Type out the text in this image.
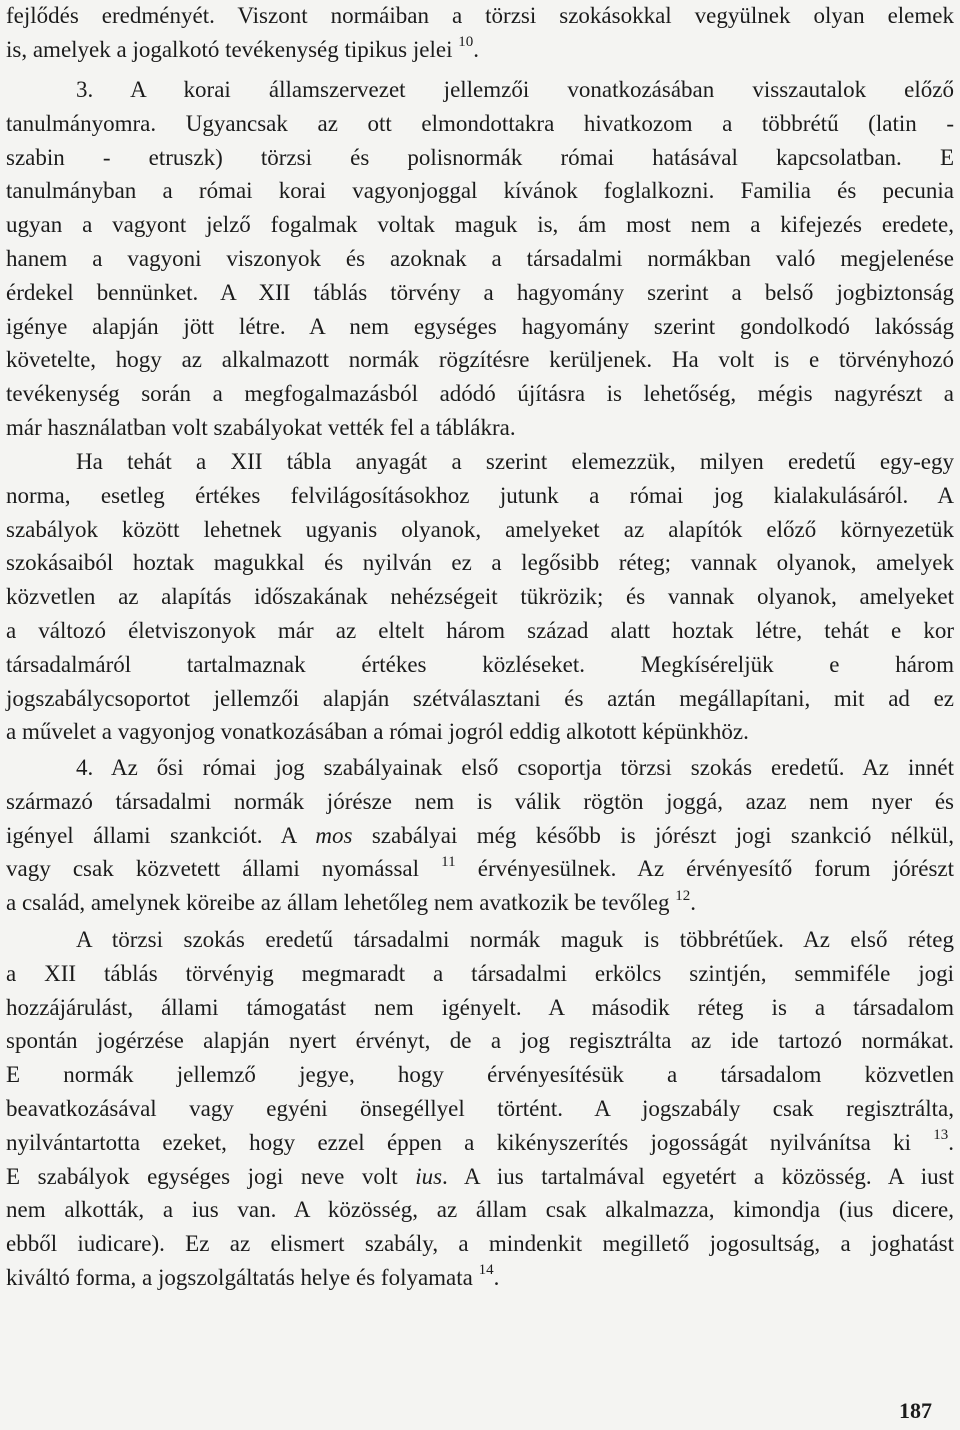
fejlődés eredményét. Viszont normáiban a törzsi szokásokkal vegyülnek olyan elemek
is, amelyek a jogalkotó tevékenység tipikus jelei $^{10}$.
3. A korai államszervezet jellemzői vonatkozásában visszautalok előző
tanulmányomra. Ugyancsak az ott elmondottakra hivatkozom a többrétű (latin -
szabin - etruszk) törzsi és polisnormák római hatásával kapcsolatban. E
tanulmányban a római korai vagyonjoggal kívánok foglalkozni. Familia és pecunia
ugyan a vagyont jelző fogalmak voltak maguk is, ám most nem a kifejezés eredete,
hanem a vagyoni viszonyok és azoknak a társadalmi normákban való megjelenése
érdekel bennünket. A XII táblás törvény a hagyomány szerint a belső jogbiztonság
igénye alapján jött létre. A nem egységes hagyomány szerint gondolkodó lakósság
követelte, hogy az alkalmazott normák rögzítésre kerüljenek. Ha volt is e törvényhozó
tevékenység során a megfogalmazásból adódó újításra is lehetőség, mégis nagyrészt a
már használatban volt szabályokat vették fel a táblákra.
Ha tehát a XII tábla anyagát a szerint elemezzük, milyen eredetű egy-egy
norma, esetleg értékes felvilágosításokhoz jutunk a római jog kialakulásáról. A
szabályok között lehetnek ugyanis olyanok, amelyeket az alapítók előző környezetük
szokásaiból hoztak magukkal és nyilván ez a legősibb réteg; vannak olyanok, amelyek
közvetlen az alapítás időszakának nehézségeit tükrözik; és vannak olyanok, amelyeket
a változó életviszonyok már az eltelt három század alatt hoztak létre, tehát e kor
társadalmáról tartalmaznak értékes közléseket. Megkíséreljük e három
jogszabálycsoportot jellemzői alapján szétválasztani és aztán megállapítani, mit ad ez
a művelet a vagyonjog vonatkozásában a római jogról eddig alkotott képünkhöz.
4. Az ősi római jog szabályainak első csoportja törzsi szokás eredetű. Az innét
származó társadalmi normák jórésze nem is válik rögtön joggá, azaz nem nyer és
igényel állami szankciót. A mos szabályai még később is jórészt jogi szankció nélkül,
vagy csak közvetett állami nyomással $^{11}$ érvényesülnek. Az érvényesítő forum jórészt
a család, amelynek köreibe az állam lehetőleg nem avatkozik be tevőleg $^{12}$.
A törzsi szokás eredetű társadalmi normák maguk is többrétűek. Az első réteg
a XII táblás törvényig megmaradt a társadalmi erkölcs szintjén, semmiféle jogi
hozzájárulást, állami támogatást nem igényelt. A második réteg is a társadalom
spontán jogérzése alapján nyert érvényt, de a jog regisztrálta az ide tartozó normákat.
E normák jellemző jegye, hogy érvényesítésük a társadalom közvetlen
beavatkozásával vagy egyéni önsegéllyel történt. A jogszabály csak regisztrálta,
nyilvántartotta ezeket, hogy ezzel éppen a kikényszerítés jogosságát nyilvánítsa ki $^{13}$.
E szabályok egységes jogi neve volt ius. A ius tartalmával egyetért a közösség. A iust
nem alkották, a ius van. A közösség, az állam csak alkalmazza, kimondja (ius dicere,
ebből iudicare). Ez az elismert szabály, a mindenkit megillető jogosultság, a joghatást
kiváltó forma, a jogszolgáltatás helye és folyamata $^{14}$.
187
